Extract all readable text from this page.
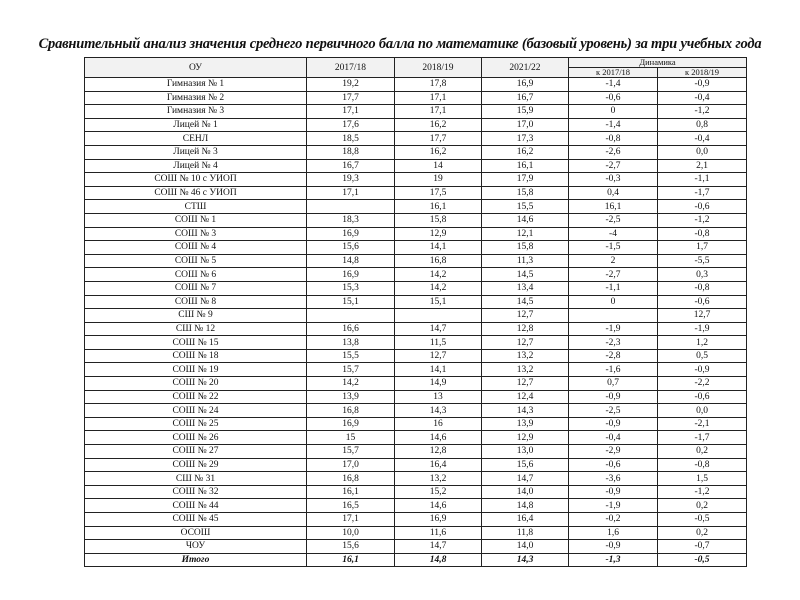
Сравнительный анализ значения среднего первичного балла по математике (базовый уровень) за три учебных года
ОУ	2017/18	2018/19	2021/22	Динамика	
				к 2017/18	к 2018/19
Гимназия № 1	19,2	17,8	16,9	-1,4	-0,9
Гимназия № 2	17,7	17,1	16,7	-0,6	-0,4
Гимназия № 3	17,1	17,1	15,9	0	-1,2
Лицей № 1	17,6	16,2	17,0	-1,4	0,8
СЕНЛ	18,5	17,7	17,3	-0,8	-0,4
Лицей № 3	18,8	16,2	16,2	-2,6	0,0
Лицей № 4	16,7	14	16,1	-2,7	2,1
СОШ № 10 с УИОП	19,3	19	17,9	-0,3	-1,1
СОШ № 46 с УИОП	17,1	17,5	15,8	0,4	-1,7
СТШ		16,1	15,5	16,1	-0,6
СОШ № 1	18,3	15,8	14,6	-2,5	-1,2
СОШ № 3	16,9	12,9	12,1	-4	-0,8
СОШ № 4	15,6	14,1	15,8	-1,5	1,7
СОШ № 5	14,8	16,8	11,3	2	-5,5
СОШ № 6	16,9	14,2	14,5	-2,7	0,3
СОШ № 7	15,3	14,2	13,4	-1,1	-0,8
СОШ № 8	15,1	15,1	14,5	0	-0,6
СШ № 9			12,7		12,7
СШ № 12	16,6	14,7	12,8	-1,9	-1,9
СОШ № 15	13,8	11,5	12,7	-2,3	1,2
СОШ № 18	15,5	12,7	13,2	-2,8	0,5
СОШ № 19	15,7	14,1	13,2	-1,6	-0,9
СОШ № 20	14,2	14,9	12,7	0,7	-2,2
СОШ № 22	13,9	13	12,4	-0,9	-0,6
СОШ № 24	16,8	14,3	14,3	-2,5	0,0
СОШ № 25	16,9	16	13,9	-0,9	-2,1
СОШ № 26	15	14,6	12,9	-0,4	-1,7
СОШ № 27	15,7	12,8	13,0	-2,9	0,2
СОШ № 29	17,0	16,4	15,6	-0,6	-0,8
СШ № 31	16,8	13,2	14,7	-3,6	1,5
СОШ № 32	16,1	15,2	14,0	-0,9	-1,2
СОШ № 44	16,5	14,6	14,8	-1,9	0,2
СОШ № 45	17,1	16,9	16,4	-0,2	-0,5
ОСОШ	10,0	11,6	11,8	1,6	0,2
ЧОУ	15,6	14,7	14,0	-0,9	-0,7
Итого	16,1	14,8	14,3	-1,3	-0,5
